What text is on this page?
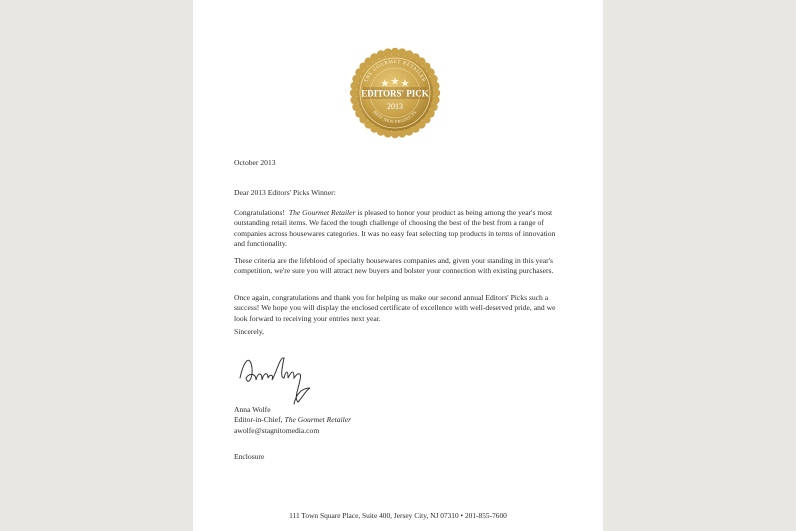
THE GOURMET RETAILER
BEST NEW PRODUCTS
EDITORS' PICK
2013
October 2013
Dear 2013 Editors' Picks Winner:
Congratulations! The Gourmet Retailer is pleased to honor your product as being among the year's most outstanding retail items. We faced the tough challenge of choosing the best of the best from a range of companies across housewares categories. It was no easy feat selecting top products in terms of innovation and functionality.
These criteria are the lifeblood of specialty housewares companies and, given your standing in this year's competition, we're sure you will attract new buyers and bolster your connection with existing purchasers.
Once again, congratulations and thank you for helping us make our second annual Editors' Picks such a success! We hope you will display the enclosed certificate of excellence with well-deserved pride, and we look forward to receiving your entries next year.
Sincerely,
Anna Wolfe
Editor-in-Chief, The Gourmet Retailer
awolfe@stagnitomedia.com
Enclosure
111 Town Square Place, Suite 400, Jersey City, NJ 07310 • 201-855-7600
